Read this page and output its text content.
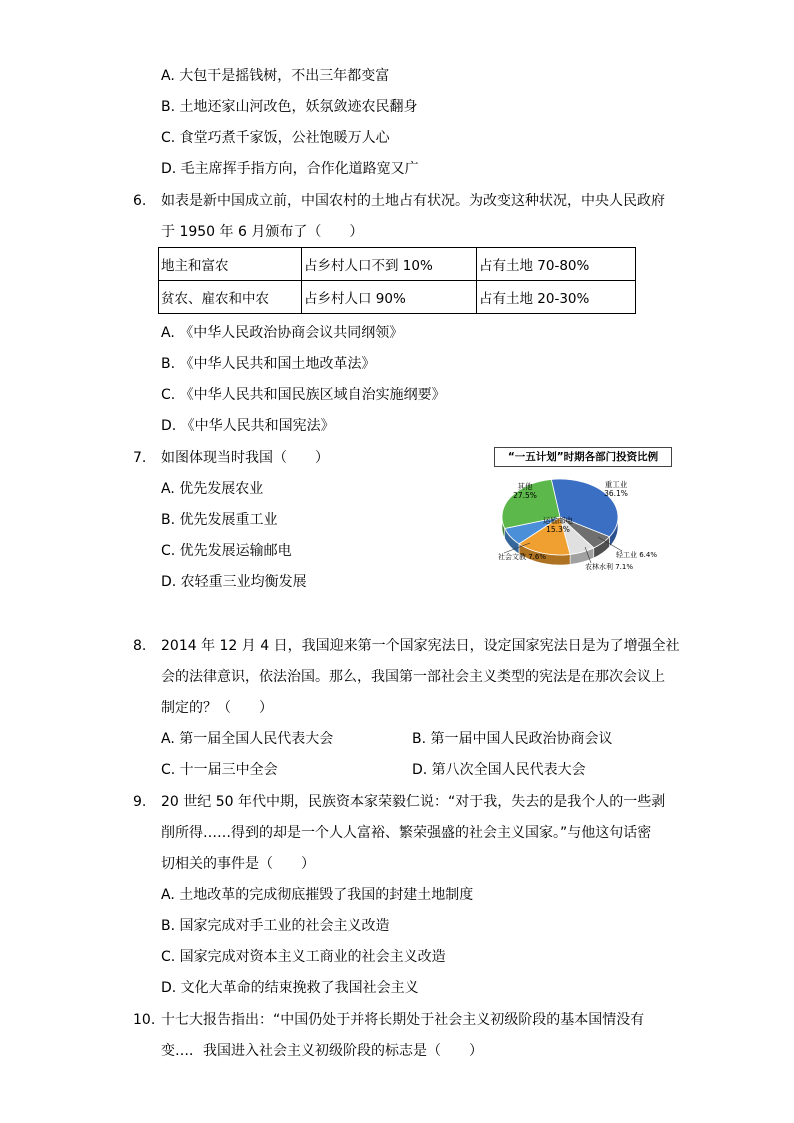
A. 大包干是摇钱树，不出三年都变富
B. 土地还家山河改色，妖氛敛迹农民翻身
C. 食堂巧煮千家饭，公社饱暖万人心
D. 毛主席挥手指方向，合作化道路宽又广
6. 如表是新中国成立前，中国农村的土地占有状况。为改变这种状况，中央人民政府
于 1950 年 6 月颁布了（　　）
地主和富农	占乡村人口不到 10%	占有土地 70-80%
贫农、雇农和中农	占乡村人口 90%	占有土地 20-30%
A. 《中华人民政治协商会议共同纲领》
B. 《中华人民共和国土地改革法》
C. 《中华人民共和国民族区域自治实施纲要》
D. 《中华人民共和国宪法》
7. 如图体现当时我国（　　）
A. 优先发展农业
B. 优先发展重工业
C. 优先发展运输邮电
D. 农轻重三业均衡发展
“一五计划”时期各部门投资比例
重工业
36.1%
轻工业 6.4%
农林水利 7.1%
运输邮电
15.3%
社会文教 7.6%
其他
27.5%
8. 2014 年 12 月 4 日，我国迎来第一个国家宪法日，设定国家宪法日是为了增强全社
会的法律意识，依法治国。那么，我国第一部社会主义类型的宪法是在那次会议上
制定的？（　　）
A. 第一届全国人民代表大会	B. 第一届中国人民政治协商会议
C. 十一届三中全会	D. 第八次全国人民代表大会
9. 20 世纪 50 年代中期，民族资本家荣毅仁说：“对于我，失去的是我个人的一些剥
削所得……得到的却是一个人人富裕、繁荣强盛的社会主义国家。”与他这句话密
切相关的事件是（　　）
A. 土地改革的完成彻底摧毁了我国的封建土地制度
B. 国家完成对手工业的社会主义改造
C. 国家完成对资本主义工商业的社会主义改造
D. 文化大革命的结束挽救了我国社会主义
10. 十七大报告指出：“中国仍处于并将长期处于社会主义初级阶段的基本国情没有
变…．我国进入社会主义初级阶段的标志是（　　）
